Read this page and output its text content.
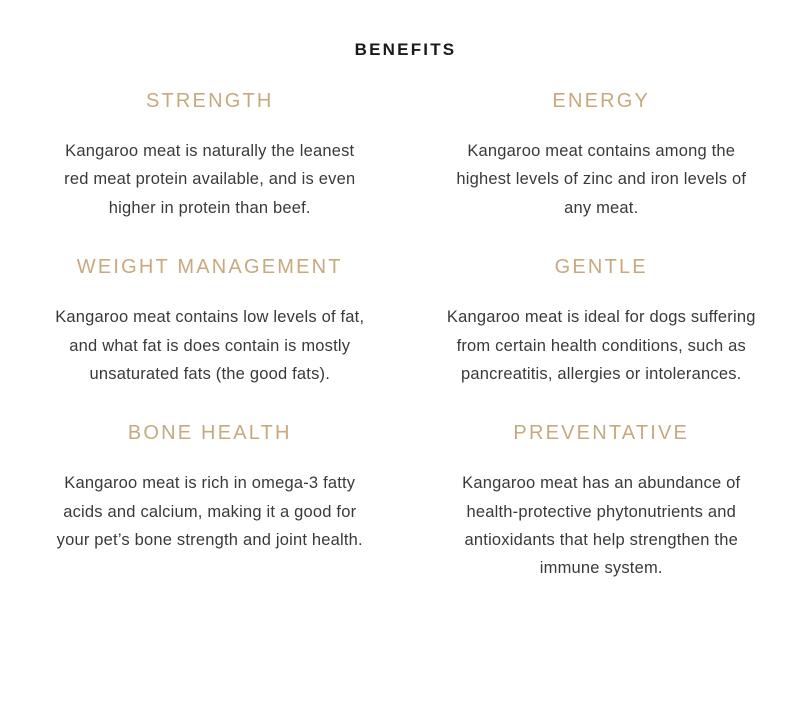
BENEFITS
STRENGTH

Kangaroo meat is naturally the leanest red meat protein available, and is even higher in protein than beef.

ENERGY

Kangaroo meat contains among the highest levels of zinc and iron levels of any meat.

WEIGHT MANAGEMENT

Kangaroo meat contains low levels of fat, and what fat is does contain is mostly unsaturated fats (the good fats).

GENTLE

Kangaroo meat is ideal for dogs suffering from certain health conditions, such as pancreatitis, allergies or intolerances.

BONE HEALTH

Kangaroo meat is rich in omega-3 fatty acids and calcium, making it a good for your pet’s bone strength and joint health.

PREVENTATIVE

Kangaroo meat has an abundance of health-protective phytonutrients and antioxidants that help strengthen the immune system.
